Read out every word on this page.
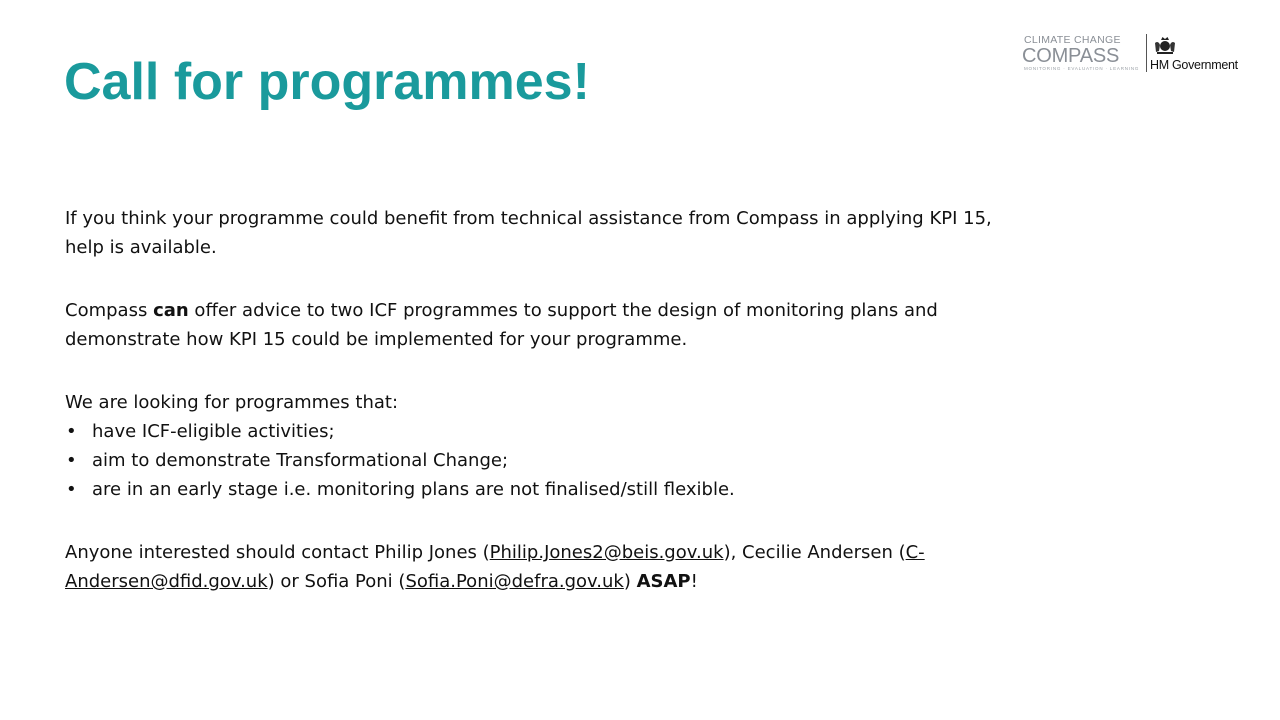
Call for programmes!
CLIMATE CHANGE
COMPASS
MONITORING · EVALUATION · LEARNING HM Government

If you think your programme could benefit from technical assistance from Compass in applying KPI 15, help is available.

Compass can offer advice to two ICF programmes to support the design of monitoring plans and demonstrate how KPI 15 could be implemented for your programme.

We are looking for programmes that:
• have ICF-eligible activities;
• aim to demonstrate Transformational Change;
• are in an early stage i.e. monitoring plans are not finalised/still flexible.

Anyone interested should contact Philip Jones (Philip.Jones2@beis.gov.uk), Cecilie Andersen (C-Andersen@dfid.gov.uk) or Sofia Poni (Sofia.Poni@defra.gov.uk) ASAP!
